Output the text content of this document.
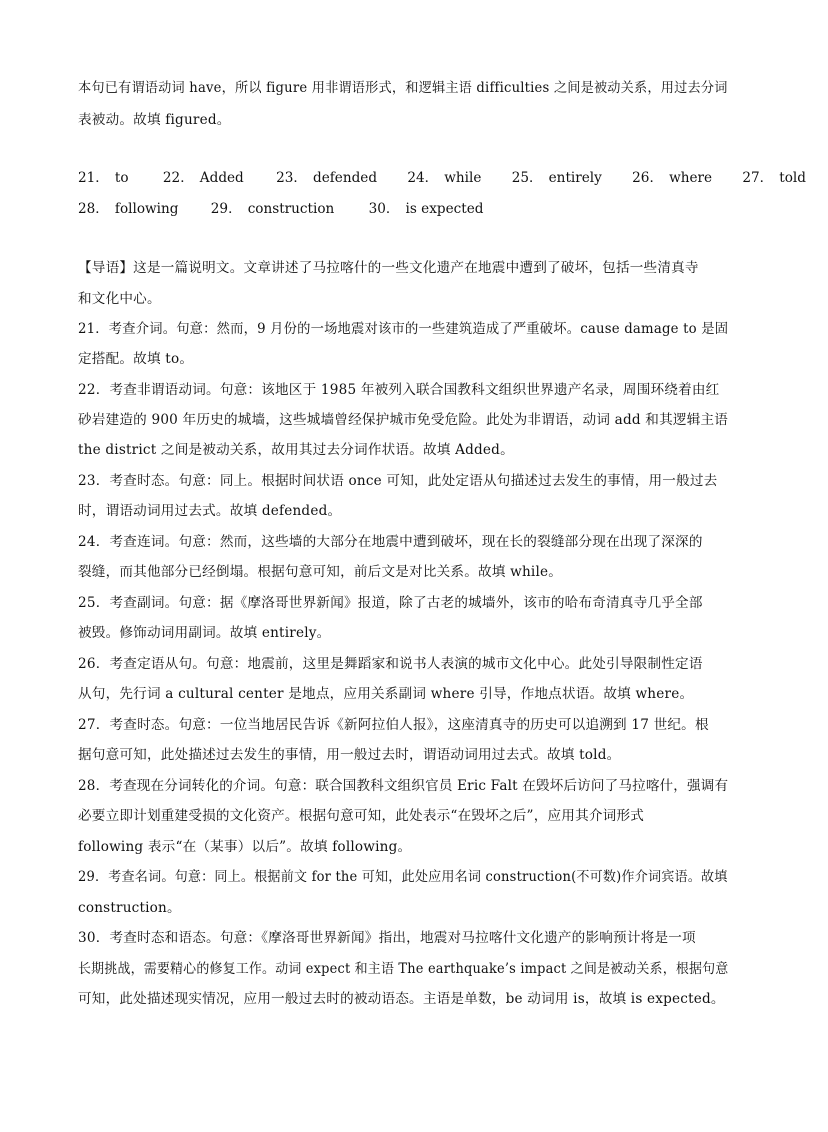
本句已有谓语动词 have，所以 figure 用非谓语形式，和逻辑主语 difficulties 之间是被动关系，用过去分词
表被动。故填 figured。
21． to	22． Added 23． defended 24． while 25． entirely 26． where 27． told
28． following 29． construction	30． is expected
【导语】这是一篇说明文。文章讲述了马拉喀什的一些文化遗产在地震中遭到了破坏，包括一些清真寺
和文化中心。
21．考查介词。句意：然而，9 月份的一场地震对该市的一些建筑造成了严重破坏。cause damage to 是固
定搭配。故填 to。
22．考查非谓语动词。句意：该地区于 1985 年被列入联合国教科文组织世界遗产名录，周围环绕着由红
砂岩建造的 900 年历史的城墙，这些城墙曾经保护城市免受危险。此处为非谓语，动词 add 和其逻辑主语
the district 之间是被动关系，故用其过去分词作状语。故填 Added。
23．考查时态。句意：同上。根据时间状语 once 可知，此处定语从句描述过去发生的事情，用一般过去
时，谓语动词用过去式。故填 defended。
24．考查连词。句意：然而，这些墙的大部分在地震中遭到破坏，现在长的裂缝部分现在出现了深深的
裂缝，而其他部分已经倒塌。根据句意可知，前后文是对比关系。故填 while。
25．考查副词。句意：据《摩洛哥世界新闻》报道，除了古老的城墙外，该市的哈布奇清真寺几乎全部
被毁。修饰动词用副词。故填 entirely。
26．考查定语从句。句意：地震前，这里是舞蹈家和说书人表演的城市文化中心。此处引导限制性定语
从句，先行词 a cultural center 是地点，应用关系副词 where 引导，作地点状语。故填 where。
27．考查时态。句意：一位当地居民告诉《新阿拉伯人报》，这座清真寺的历史可以追溯到 17 世纪。根
据句意可知，此处描述过去发生的事情，用一般过去时，谓语动词用过去式。故填 told。
28．考查现在分词转化的介词。句意：联合国教科文组织官员 Eric Falt 在毁坏后访问了马拉喀什，强调有
必要立即计划重建受损的文化资产。根据句意可知，此处表示“在毁坏之后”，应用其介词形式
following 表示“在（某事）以后”。故填 following。
29．考查名词。句意：同上。根据前文 for the 可知，此处应用名词 construction(不可数)作介词宾语。故填
construction。
30．考查时态和语态。句意：《摩洛哥世界新闻》指出，地震对马拉喀什文化遗产的影响预计将是一项
长期挑战，需要精心的修复工作。动词 expect 和主语 The earthquake’s impact 之间是被动关系，根据句意
可知，此处描述现实情况，应用一般过去时的被动语态。主语是单数，be 动词用 is，故填 is expected。
